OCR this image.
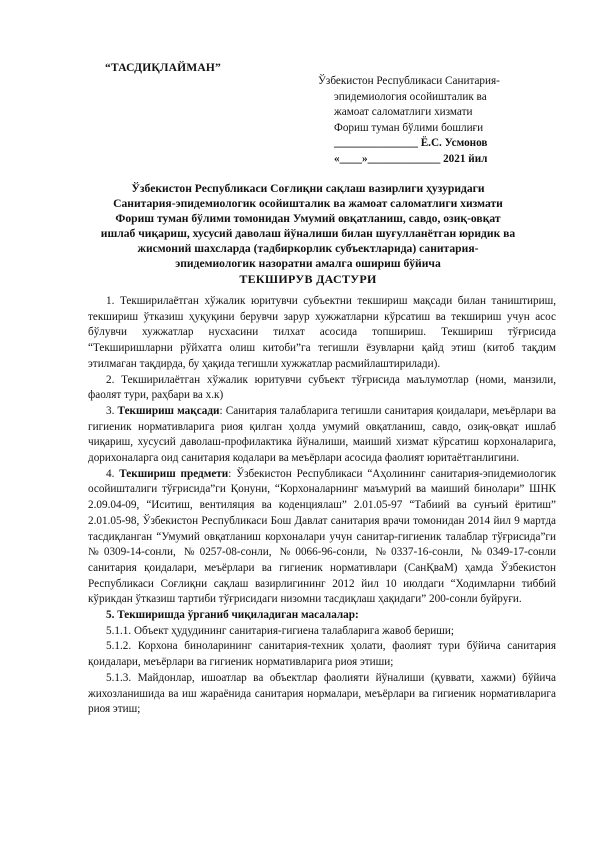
“ТАСДИҚЛАЙМАН”
Ўзбекистон Республикаси Санитария-
эпидемиология осойишталик ва
жамоат саломатлиги хизмати
Фориш туман бўлими бошлиғи
_______________ Ё.С. Усмонов
«____»_____________ 2021 йил
Ўзбекистон Республикаси Соғлиқни сақлаш вазирлиги ҳузуридаги
Санитария-эпидемиологик осойишталик ва жамоат саломатлиги хизмати
Фориш туман бўлими томонидан Умумий овқатланиш, савдо, озиқ-овқат
ишлаб чиқариш, хусусий даволаш йўналиши билан шуғулланётган юридик ва
жисмоний шахсларда (тадбиркорлик субъектларида) санитария-
эпидемиологик назоратни амалга ошириш бўйича
ТЕКШИРУВ ДАСТУРИ

1. Текширилаётган хўжалик юритувчи субъектни текшириш мақсади билан таништириш, текшириш ўтказиш ҳуқуқини берувчи зарур хужжатларни кўрсатиш ва текшириш учун асос бўлувчи хужжатлар нусхасини тилхат асосида топшириш. Текшириш тўғрисида “Текширишларни рўйхатга олиш китоби”га тегишли ёзувларни қайд этиш (китоб тақдим этилмаган тақдирда, бу ҳақида тегишли хужжатлар расмийлаштирилади).

2. Текширилаётган хўжалик юритувчи субъект тўғрисида маълумотлар (номи, манзили, фаолят тури, раҳбари ва х.к)

3. Текшириш мақсади: Санитария талабларига тегишли санитария қоидалари, меъёрлари ва гигиеник нормативларига риоя қилган ҳолда умумий овқатланиш, савдо, озиқ-овқат ишлаб чиқариш, хусусий даволаш-профилактика йўналиши, маиший хизмат кўрсатиш корхоналарига, дорихоналарга оид санитария кодалари ва меъёрлари асосида фаолият юритаётганлигини.

4. Текшириш предмети: Ўзбекистон Республикаси “Аҳолининг санитария-эпидемиологик осойишталиги тўғрисида”ги Қонуни, “Корхоналарнинг маъмурий ва маиший бинолари” ШНК 2.09.04-09, “Иситиш, вентиляция ва коденциялаш” 2.01.05-97 “Табиий ва сунъий ёритиш” 2.01.05-98, Ўзбекистон Республикаси Бош Давлат санитария врачи томонидан 2014 йил 9 мартда тасдиқланган “Умумий овқатланиш корхоналари учун санитар-гигиеник талаблар тўғрисида”ги №0309-14-сонли, №0257-08-сонли, №0066-96-сонли, №0337-16-сонли, №0349-17-сонли санитария қоидалари, меъёрлари ва гигиеник нормативлари (СанҚваМ) ҳамда Ўзбекистон Республикаси Соғлиқни сақлаш вазирлигининг 2012 йил 10 июлдаги “Ходимларни тиббий кўрикдан ўтказиш тартиби тўғрисидаги низомни тасдиқлаш ҳақидаги” 200-сонли буйруғи.

5. Текширишда ўрганиб чиқиладиган масалалар:

5.1.1. Объект ҳудудининг санитария-гигиена талабларига жавоб бериши;

5.1.2. Корхона биноларининг санитария-техник ҳолати, фаолият тури бўйича санитария қоидалари, меъёрлари ва гигиеник нормативларига риоя этиши;

5.1.3. Майдонлар, ишоатлар ва объектлар фаолияти йўналиши (қуввати, хажми) бўйича жихозланишида ва иш жараёнида санитария нормалари, меъёрлари ва гигиеник нормативларига риоя этиш;
